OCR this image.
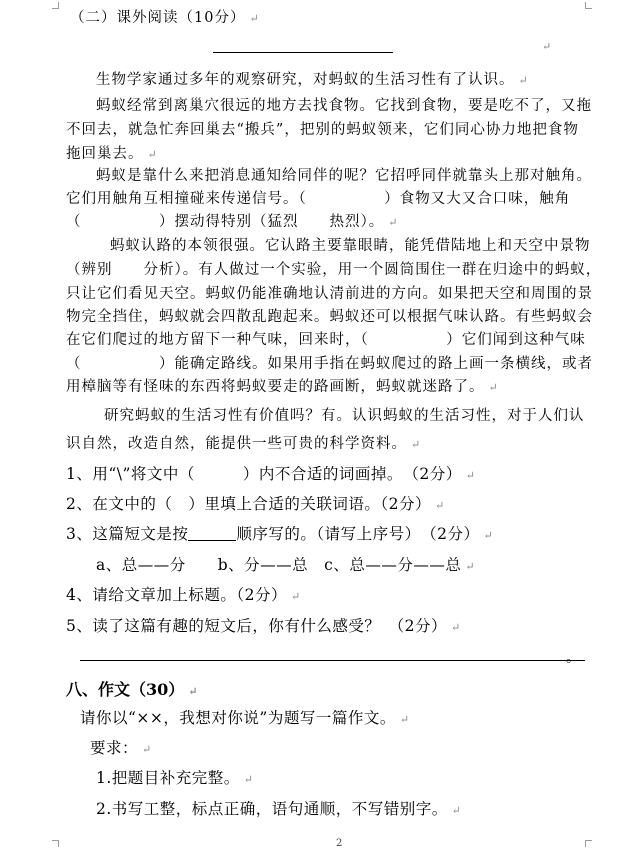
（二）课外阅读（10分） ↵
↵
生物学家通过多年的观察研究，对蚂蚁的生活习性有了认识。 ↵
蚂蚁经常到离巢穴很远的地方去找食物。它找到食物，要是吃不了，又拖
不回去，就急忙奔回巢去“搬兵”，把别的蚂蚁领来，它们同心协力地把食物
拖回巢去。 ↵
蚂蚁是靠什么来把消息通知给同伴的呢？它招呼同伴就靠头上那对触角。
它们用触角互相撞碰来传递信号。（　　　　　）食物又大又合口味，触角
（　　　　　）摆动得特别（猛烈　　热烈）。 ↵
蚂蚁认路的本领很强。它认路主要靠眼睛，能凭借陆地上和天空中景物
（辨别　　分析）。有人做过一个实验，用一个圆筒围住一群在归途中的蚂蚁，
只让它们看见天空。蚂蚁仍能准确地认清前进的方向。如果把天空和周围的景
物完全挡住，蚂蚁就会四散乱跑起来。蚂蚁还可以根据气味认路。有些蚂蚁会
在它们爬过的地方留下一种气味，回来时，（　　　　　）它们闻到这种气味
（　　　　　）能确定路线。如果用手指在蚂蚁爬过的路上画一条横线，或者
用樟脑等有怪味的东西将蚂蚁要走的路画断，蚂蚁就迷路了。 ↵
研究蚂蚁的生活习性有价值吗？有。认识蚂蚁的生活习性，对于人们认
识自然，改造自然，能提供一些可贵的科学资料。 ↵
1、用“\”将文中（　　　）内不合适的词画掉。　（2分） ↵
2、在文中的（　）里填上合适的关联词语。（2分） ↵
3、这篇短文是按	顺序写的。（请写上序号）　（2分） ↵
a、总——分　　b、分——总　c、总——分——总 ↵
4、请给文章加上标题。（2分） ↵
5、读了这篇有趣的短文后，你有什么感受？　（2分） ↵
。
八、作文（30） ↵
请你以“××，我想对你说”为题写一篇作文。 ↵
要求： ↵
1.把题目补充完整。 ↵
2.书写工整，标点正确，语句通顺，不写错别字。 ↵
2
